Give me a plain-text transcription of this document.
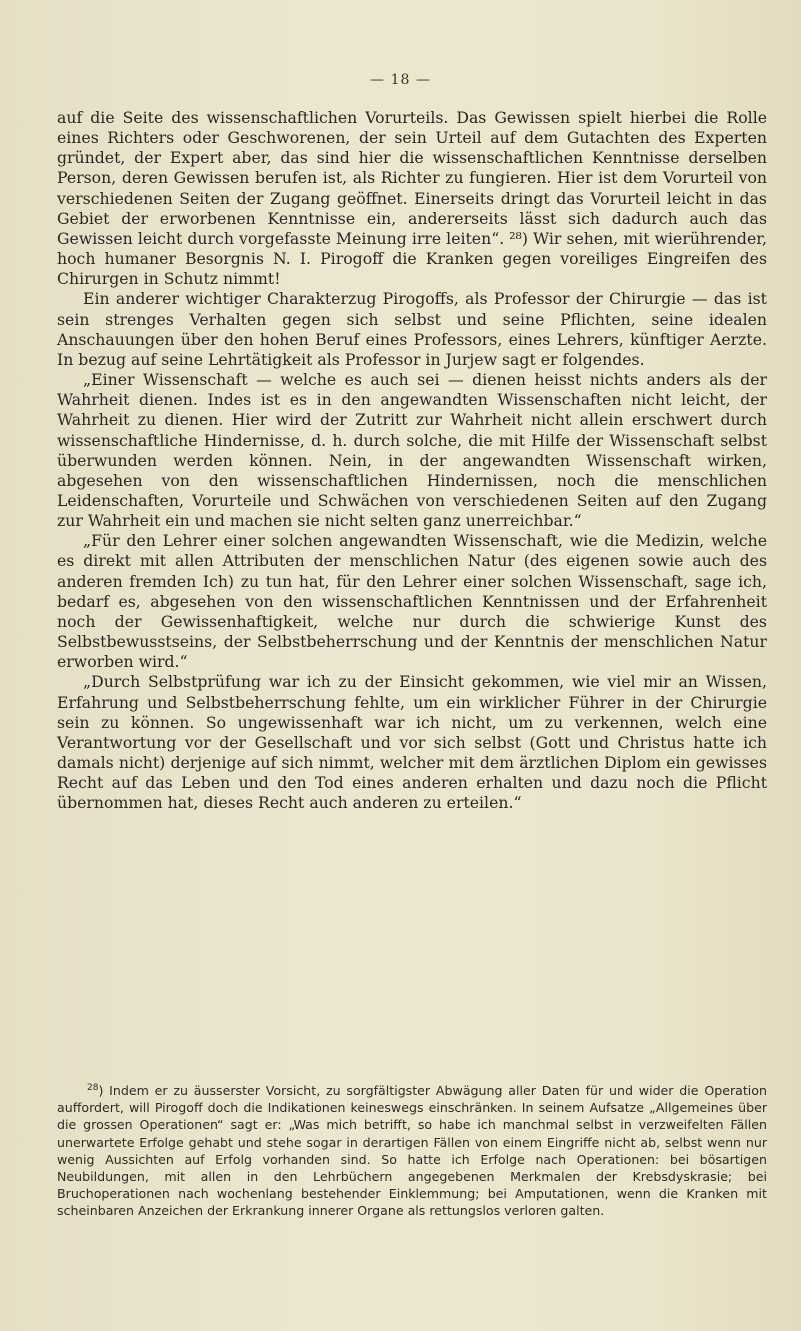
— 18 —

auf die Seite des wissenschaftlichen Vorurteils. Das Gewissen spielt hierbei die Rolle eines Richters oder Geschworenen, der sein Urteil auf dem Gutachten des Experten gründet, der Expert aber, das sind hier die wissenschaftlichen Kenntnisse derselben Person, deren Gewissen berufen ist, als Richter zu fungieren. Hier ist dem Vorurteil von verschiedenen Seiten der Zugang geöffnet. Einerseits dringt das Vorurteil leicht in das Gebiet der erworbenen Kenntnisse ein, andererseits lässt sich dadurch auch das Gewissen leicht durch vorgefasste Meinung irre leiten“. ²⁸) Wir sehen, mit wierührender, hoch humaner Besorgnis N. I. Pirogoff die Kranken gegen voreiliges Eingreifen des Chirurgen in Schutz nimmt!

Ein anderer wichtiger Charakterzug Pirogoffs, als Professor der Chirurgie — das ist sein strenges Verhalten gegen sich selbst und seine Pflichten, seine idealen Anschauungen über den hohen Beruf eines Professors, eines Lehrers, künftiger Aerzte. In bezug auf seine Lehrtätigkeit als Professor in Jurjew sagt er folgendes.

„Einer Wissenschaft — welche es auch sei — dienen heisst nichts anders als der Wahrheit dienen. Indes ist es in den angewandten Wissenschaften nicht leicht, der Wahrheit zu dienen. Hier wird der Zutritt zur Wahrheit nicht allein erschwert durch wissenschaftliche Hindernisse, d. h. durch solche, die mit Hilfe der Wissenschaft selbst überwunden werden können. Nein, in der angewandten Wissenschaft wirken, abgesehen von den wissenschaftlichen Hindernissen, noch die menschlichen Leidenschaften, Vorurteile und Schwächen von verschiedenen Seiten auf den Zugang zur Wahrheit ein und machen sie nicht selten ganz unerreichbar.“

„Für den Lehrer einer solchen angewandten Wissenschaft, wie die Medizin, welche es direkt mit allen Attributen der menschlichen Natur (des eigenen sowie auch des anderen fremden Ich) zu tun hat, für den Lehrer einer solchen Wissenschaft, sage ich, bedarf es, abgesehen von den wissenschaftlichen Kenntnissen und der Erfahrenheit noch der Gewissenhaftigkeit, welche nur durch die schwierige Kunst des Selbstbewusstseins, der Selbstbeherrschung und der Kenntnis der menschlichen Natur erworben wird.“

„Durch Selbstprüfung war ich zu der Einsicht gekommen, wie viel mir an Wissen, Erfahrung und Selbstbeherrschung fehlte, um ein wirklicher Führer in der Chirurgie sein zu können. So ungewissenhaft war ich nicht, um zu verkennen, welch eine Verantwortung vor der Gesellschaft und vor sich selbst (Gott und Christus hatte ich damals nicht) derjenige auf sich nimmt, welcher mit dem ärztlichen Diplom ein gewisses Recht auf das Leben und den Tod eines anderen erhalten und dazu noch die Pflicht übernommen hat, dieses Recht auch anderen zu erteilen.“

$^{28}$) Indem er zu äusserster Vorsicht, zu sorgfältigster Abwägung aller Daten für und wider die Operation auffordert, will Pirogoff doch die Indikationen keineswegs einschränken. In seinem Aufsatze „Allgemeines über die grossen Operationen“ sagt er: „Was mich betrifft, so habe ich manchmal selbst in verzweifelten Fällen unerwartete Erfolge gehabt und stehe sogar in derartigen Fällen von einem Eingriffe nicht ab, selbst wenn nur wenig Aussichten auf Erfolg vorhanden sind. So hatte ich Erfolge nach Operationen: bei bösartigen Neubildungen, mit allen in den Lehrbüchern angegebenen Merkmalen der Krebsdyskrasie; bei Bruchoperationen nach wochenlang bestehender Einklemmung; bei Amputationen, wenn die Kranken mit scheinbaren Anzeichen der Erkrankung innerer Organe als rettungslos verloren galten.
